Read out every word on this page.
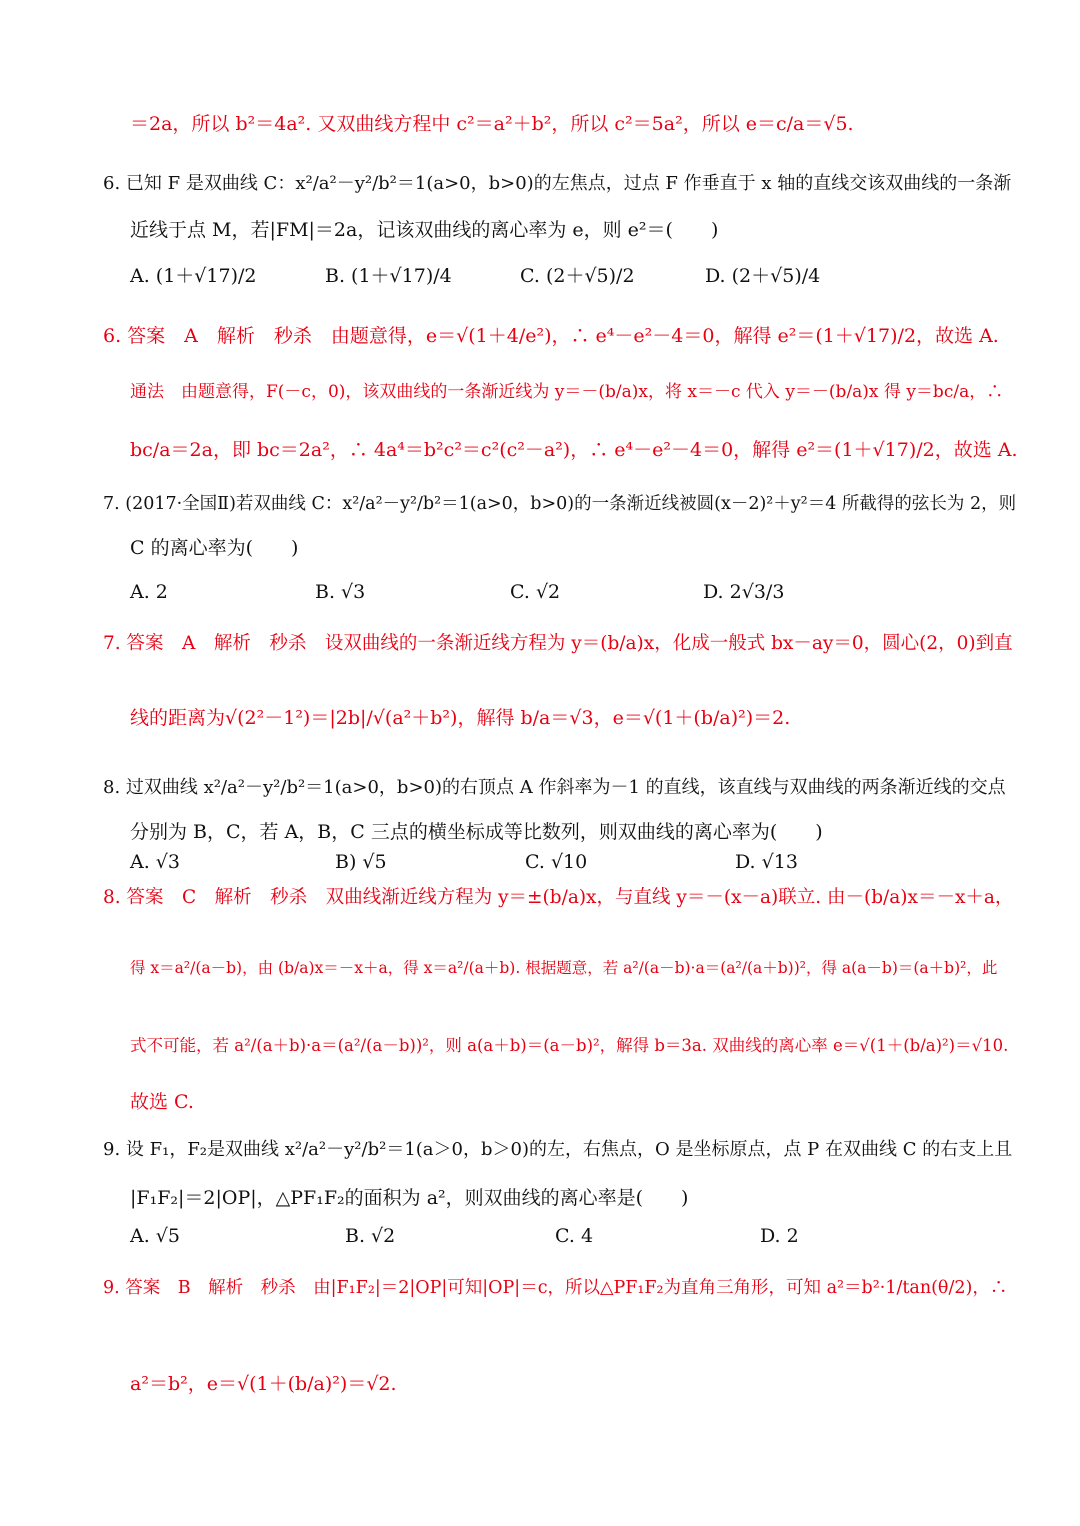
＝2a，所以 b²＝4a². 又双曲线方程中 c²＝a²＋b²，所以 c²＝5a²，所以 e＝c/a＝√5.
6. 已知 F 是双曲线 C：x²/a²－y²/b²＝1(a>0，b>0)的左焦点，过点 F 作垂直于 x 轴的直线交该双曲线的一条渐
近线于点 M，若|FM|＝2a，记该双曲线的离心率为 e，则 e²＝(　　)
A. (1＋√17)/2	B. (1＋√17)/4	C. (2＋√5)/2	D. (2＋√5)/4
6. 答案　A　解析　秒杀　由题意得，e＝√(1＋4/e²)，∴ e⁴－e²－4＝0，解得 e²＝(1＋√17)/2，故选 A.
通法　由题意得，F(－c，0)，该双曲线的一条渐近线为 y＝－(b/a)x，将 x＝－c 代入 y＝－(b/a)x 得 y＝bc/a，∴
bc/a＝2a，即 bc＝2a²，∴ 4a⁴＝b²c²＝c²(c²－a²)，∴ e⁴－e²－4＝0，解得 e²＝(1＋√17)/2，故选 A.
7. (2017·全国Ⅱ)若双曲线 C：x²/a²－y²/b²＝1(a>0，b>0)的一条渐近线被圆(x－2)²＋y²＝4 所截得的弦长为 2，则
C 的离心率为(　　)
A. 2	B. √3	C. √2	D. 2√3/3
7. 答案　A　解析　秒杀　设双曲线的一条渐近线方程为 y＝(b/a)x，化成一般式 bx－ay＝0，圆心(2，0)到直
线的距离为√(2²－1²)＝|2b|/√(a²＋b²)，解得 b/a＝√3，e＝√(1＋(b/a)²)＝2.
8. 过双曲线 x²/a²－y²/b²＝1(a>0，b>0)的右顶点 A 作斜率为－1 的直线，该直线与双曲线的两条渐近线的交点
分别为 B，C，若 A，B，C 三点的横坐标成等比数列，则双曲线的离心率为(　　)
A. √3	B) √5	C. √10	D. √13
8. 答案　C　解析　秒杀　双曲线渐近线方程为 y＝±(b/a)x，与直线 y＝－(x－a)联立. 由－(b/a)x＝－x＋a，
得 x＝a²/(a－b)，由 (b/a)x＝－x＋a，得 x＝a²/(a＋b). 根据题意，若 a²/(a－b)·a＝(a²/(a＋b))²，得 a(a－b)＝(a＋b)²，此
式不可能，若 a²/(a＋b)·a＝(a²/(a－b))²，则 a(a＋b)＝(a－b)²，解得 b＝3a. 双曲线的离心率 e＝√(1＋(b/a)²)＝√10.
故选 C.
9. 设 F₁，F₂是双曲线 x²/a²－y²/b²＝1(a＞0，b＞0)的左，右焦点，O 是坐标原点，点 P 在双曲线 C 的右支上且
|F₁F₂|＝2|OP|，△PF₁F₂的面积为 a²，则双曲线的离心率是(　　)
A. √5	B. √2	C. 4	D. 2
9. 答案　B　解析　秒杀　由|F₁F₂|＝2|OP|可知|OP|＝c，所以△PF₁F₂为直角三角形，可知 a²＝b²·1/tan(θ/2)，∴
a²＝b²，e＝√(1＋(b/a)²)＝√2.
